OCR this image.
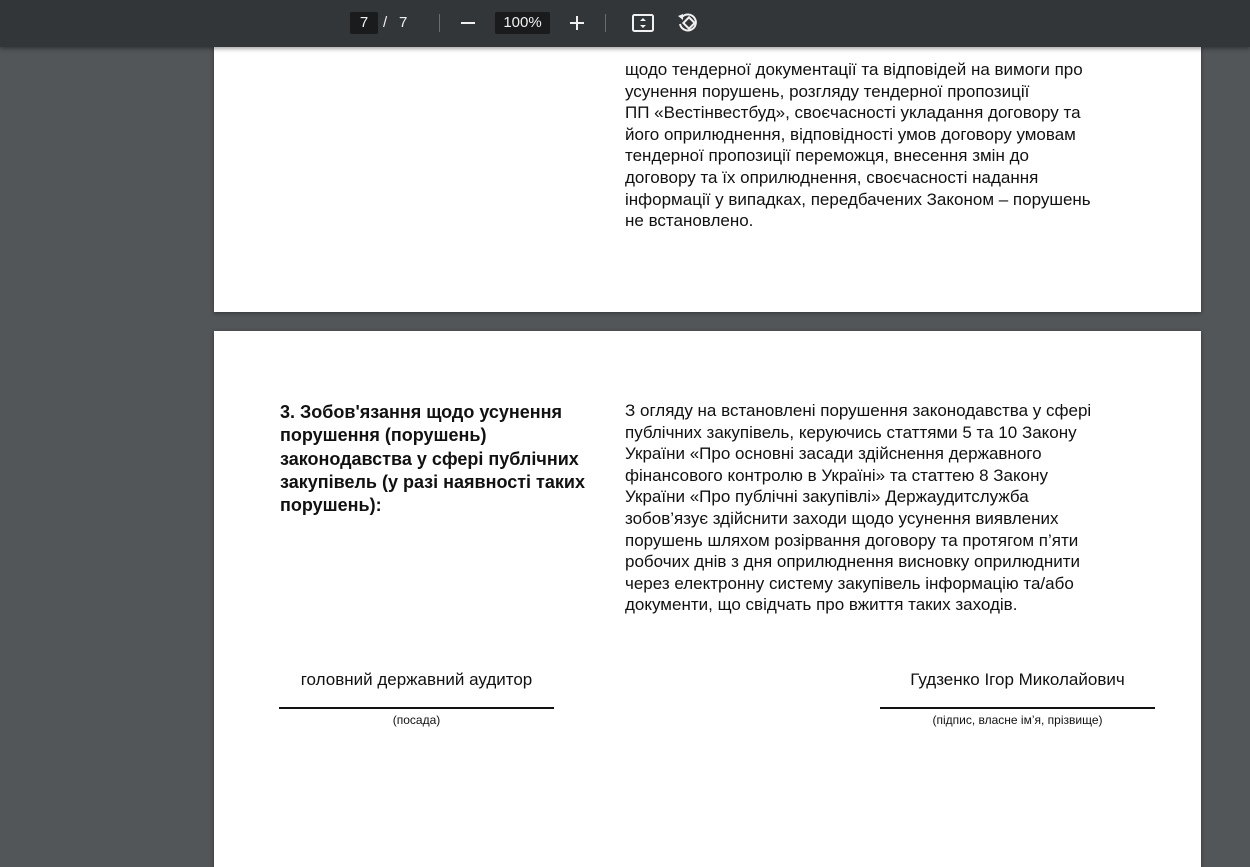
7 / 7	100%
щодо тендерної документації та відповідей на вимоги про
усунення порушень, розгляду тендерної пропозиції
ПП «Вестінвестбуд», своєчасності укладання договору та
його оприлюднення, відповідності умов договору умовам
тендерної пропозиції переможця, внесення змін до
договору та їх оприлюднення, своєчасності надання
інформації у випадках, передбачених Законом – порушень
не встановлено.
3. Зобов'язання щодо усунення
порушення (порушень)
законодавства у сфері публічних
закупівель (у разі наявності таких
порушень):
З огляду на встановлені порушення законодавства у сфері
публічних закупівель, керуючись статтями 5 та 10 Закону
України «Про основні засади здійснення державного
фінансового контролю в Україні» та статтею 8 Закону
України «Про публічні закупівлі» Держаудитслужба
зобов’язує здійснити заходи щодо усунення виявлених
порушень шляхом розірвання договору та протягом п’яти
робочих днів з дня оприлюднення висновку оприлюднити
через електронну систему закупівель інформацію та/або
документи, що свідчать про вжиття таких заходів.
головний державний аудитор
(посада)
Гудзенко Ігор Миколайович
(підпис, власне ім’я, прізвище)
